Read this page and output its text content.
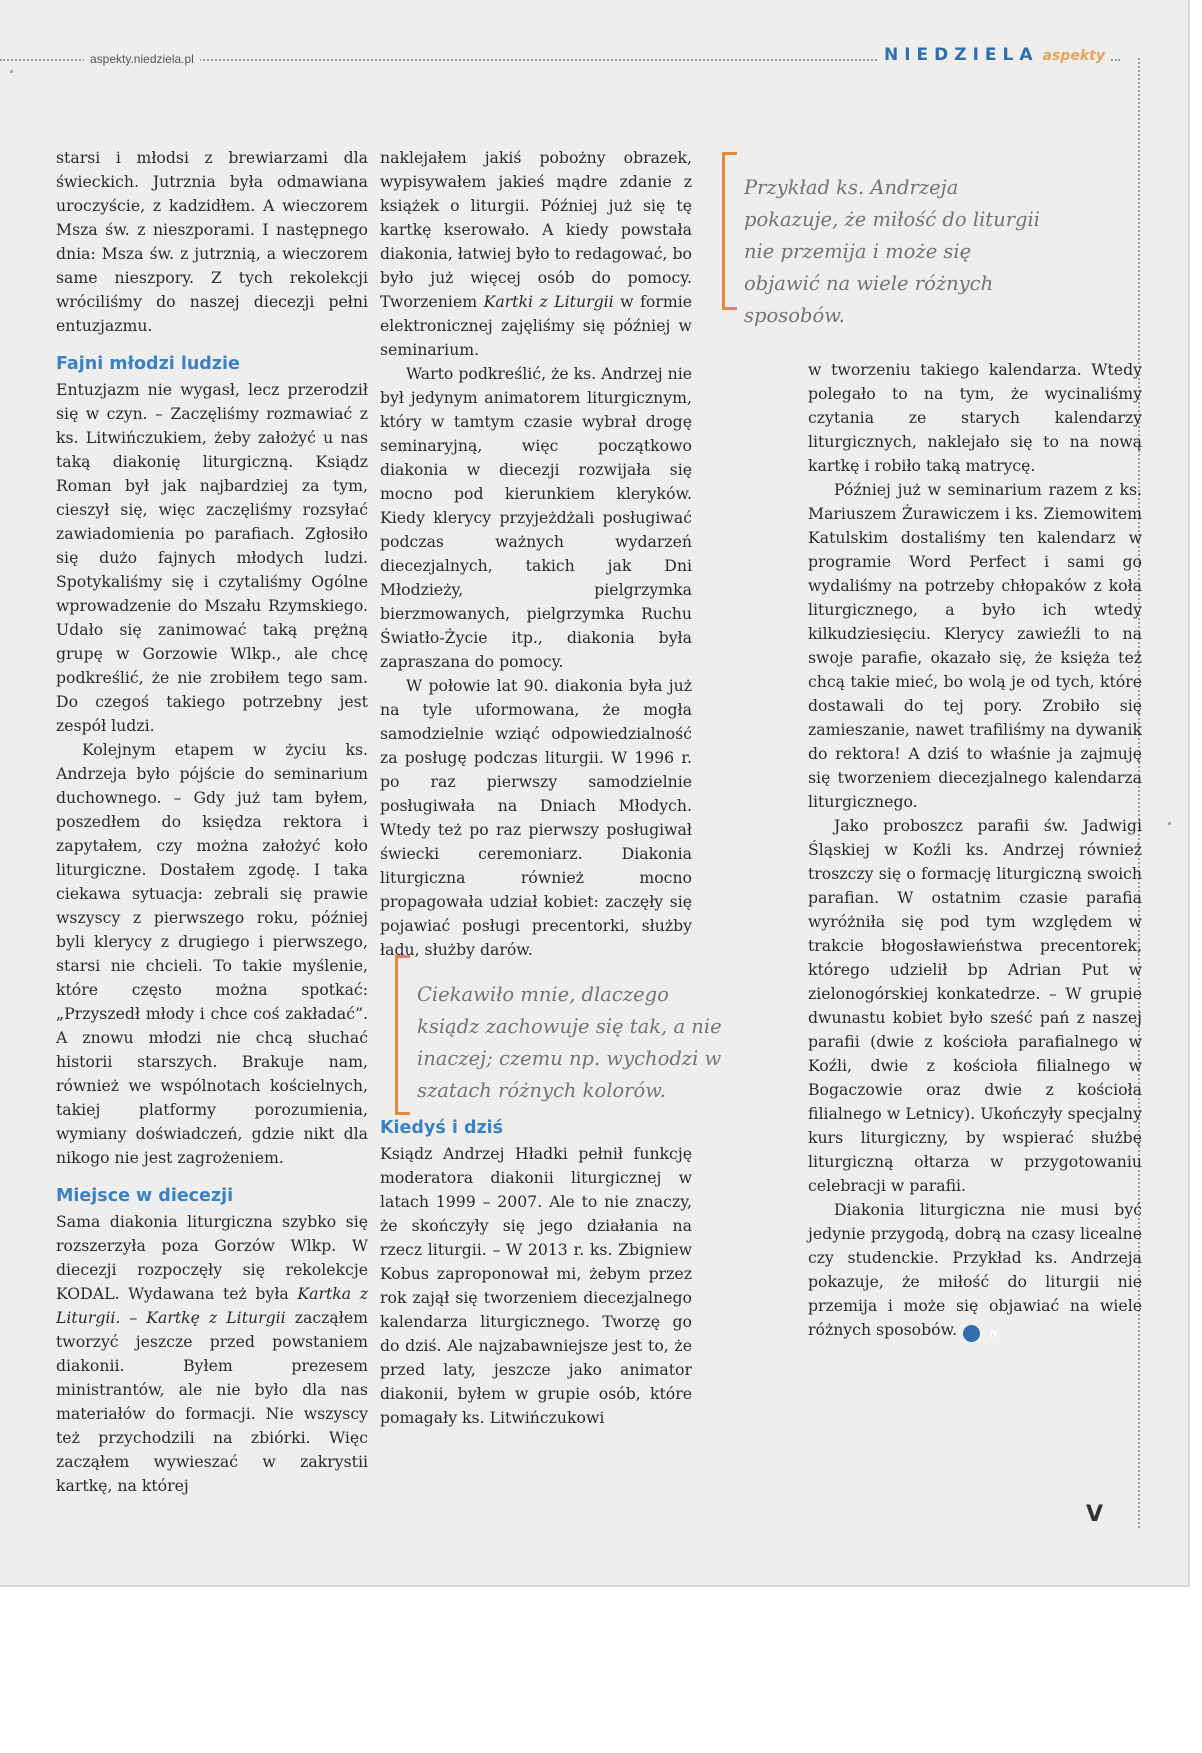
aspekty.niedziela.pl	NIEDZIELA aspekty

starsi i młodsi z brewiarzami dla świeckich. Jutrznia była odmawiana uroczyście, z kadzidłem. A wieczorem Msza św. z nieszporami. I następnego dnia: Msza św. z jutrznią, a wieczorem same nieszpory. Z tych rekolekcji wróciliśmy do naszej diecezji pełni entuzjazmu.

Fajni młodzi ludzie

Entuzjazm nie wygasł, lecz przerodził się w czyn. – Zaczęliśmy rozmawiać z ks. Litwińczukiem, żeby założyć u nas taką diakonię liturgiczną. Ksiądz Roman był jak najbardziej za tym, cieszył się, więc zaczęliśmy rozsyłać zawiadomienia po parafiach. Zgłosiło się dużo fajnych młodych ludzi. Spotykaliśmy się i czytaliśmy Ogólne wprowadzenie do Mszału Rzymskiego. Udało się zanimować taką prężną grupę w Gorzowie Wlkp., ale chcę podkreślić, że nie zrobiłem tego sam. Do czegoś takiego potrzebny jest zespół ludzi.

Kolejnym etapem w życiu ks. Andrzeja było pójście do seminarium duchownego. – Gdy już tam byłem, poszedłem do księdza rektora i zapytałem, czy można założyć koło liturgiczne. Dostałem zgodę. I taka ciekawa sytuacja: zebrali się prawie wszyscy z pierwszego roku, później byli klerycy z drugiego i pierwszego, starsi nie chcieli. To takie myślenie, które często można spotkać: „Przyszedł młody i chce coś zakładać”. A znowu młodzi nie chcą słuchać historii starszych. Brakuje nam, również we wspólnotach kościelnych, takiej platformy porozumienia, wymiany doświadczeń, gdzie nikt dla nikogo nie jest zagrożeniem.

Miejsce w diecezji

Sama diakonia liturgiczna szybko się rozszerzyła poza Gorzów Wlkp. W diecezji rozpoczęły się rekolekcje KODAL. Wydawana też była Kartka z Liturgii. – Kartkę z Liturgii zacząłem tworzyć jeszcze przed powstaniem diakonii. Byłem prezesem ministrantów, ale nie było dla nas materiałów do formacji. Nie wszyscy też przychodzili na zbiórki. Więc zacząłem wywieszać w zakrystii kartkę, na której

naklejałem jakiś pobożny obrazek, wypisywałem jakieś mądre zdanie z książek o liturgii. Później już się tę kartkę kserowało. A kiedy powstała diakonia, łatwiej było to redagować, bo było już więcej osób do pomocy. Tworzeniem Kartki z Liturgii w formie elektronicznej zajęliśmy się później w seminarium.

Warto podkreślić, że ks. Andrzej nie był jedynym animatorem liturgicznym, który w tamtym czasie wybrał drogę seminaryjną, więc początkowo diakonia w diecezji rozwijała się mocno pod kierunkiem kleryków. Kiedy klerycy przyjeżdżali posługiwać podczas ważnych wydarzeń diecezjalnych, takich jak Dni Młodzieży, pielgrzymka bierzmowanych, pielgrzymka Ruchu Światło-Życie itp., diakonia była zapraszana do pomocy.

W połowie lat 90. diakonia była już na tyle uformowana, że mogła samodzielnie wziąć odpowiedzialność za posługę podczas liturgii. W 1996 r. po raz pierwszy samodzielnie posługiwała na Dniach Młodych. Wtedy też po raz pierwszy posługiwał świecki ceremoniarz. Diakonia liturgiczna również mocno propagowała udział kobiet: zaczęły się pojawiać posługi precentorki, służby ładu, służby darów.

Kiedyś i dziś

Ksiądz Andrzej Hładki pełnił funkcję moderatora diakonii liturgicznej w latach 1999 – 2007. Ale to nie znaczy, że skończyły się jego działania na rzecz liturgii. – W 2013 r. ks. Zbigniew Kobus zaproponował mi, żebym przez rok zajął się tworzeniem diecezjalnego kalendarza liturgicznego. Tworzę go do dziś. Ale najzabawniejsze jest to, że przed laty, jeszcze jako animator diakonii, byłem w grupie osób, które pomagały ks. Litwińczukowi

w tworzeniu takiego kalendarza. Wtedy polegało to na tym, że wycinaliśmy czytania ze starych kalendarzy liturgicznych, naklejało się to na nową kartkę i robiło taką matrycę.

Później już w seminarium razem z ks. Mariuszem Żurawiczem i ks. Ziemowitem Katulskim dostaliśmy ten kalendarz w programie Word Perfect i sami go wydaliśmy na potrzeby chłopaków z koła liturgicznego, a było ich wtedy kilkudziesięciu. Klerycy zawieźli to na swoje parafie, okazało się, że księża też chcą takie mieć, bo wolą je od tych, które dostawali do tej pory. Zrobiło się zamieszanie, nawet trafiliśmy na dywanik do rektora! A dziś to właśnie ja zajmuję się tworzeniem diecezjalnego kalendarza liturgicznego.

Jako proboszcz parafii św. Jadwigi Śląskiej w Koźli ks. Andrzej również troszczy się o formację liturgiczną swoich parafian. W ostatnim czasie parafia wyróżniła się pod tym względem w trakcie błogosławieństwa precentorek, którego udzielił bp Adrian Put w zielonogórskiej konkatedrze. – W grupie dwunastu kobiet było sześć pań z naszej parafii (dwie z kościoła parafialnego w Koźli, dwie z kościoła filialnego w Bogaczowie oraz dwie z kościoła filialnego w Letnicy). Ukończyły specjalny kurs liturgiczny, by wspierać służbę liturgiczną ołtarza w przygotowaniu celebracji w parafii.

Diakonia liturgiczna nie musi być jedynie przygodą, dobrą na czasy licealne czy studenckie. Przykład ks. Andrzeja pokazuje, że miłość do liturgii nie przemija i może się objawiać na wiele różnych sposobów.	n

Przykład ks. Andrzeja pokazuje, że miłość do liturgii nie przemija i może się objawić na wiele różnych sposobów.
Ciekawiło mnie, dlaczego ksiądz zachowuje się tak, a nie inaczej; czemu np. wychodzi w szatach różnych kolorów.
V
